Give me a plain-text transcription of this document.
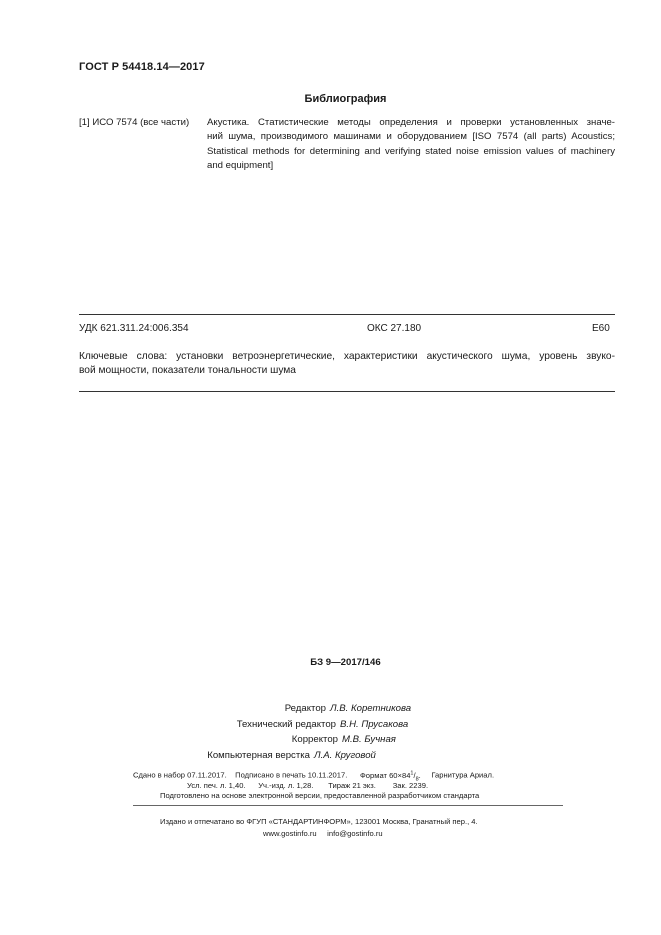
ГОСТ Р 54418.14—2017
Библиография
[1] ИСО 7574 (все части) Акустика. Статистические методы определения и проверки установленных значе-
ний шума, производимого машинами и оборудованием [ISO 7574 (all parts) Acoustics;
Statistical methods for determining and verifying stated noise emission values of machinery
and equipment]
УДК 621.311.24:006.354	ОКС 27.180	Е60
Ключевые слова: установки ветроэнергетические, характеристики акустического шума, уровень звуко-
вой мощности, показатели тональности шума
БЗ 9—2017/146
Редактор Л.В. Коретникова
Технический редактор В.Н. Прусакова
Корректор М.В. Бучная
Компьютерная верстка Л.А. Круговой
Сдано в набор 07.11.2017. Подписано в печать 10.11.2017. Формат $60\times 84^1/_8$. Гарнитура Ариал.
Усл. печ. л. 1,40. Уч.-изд. л. 1,28. Тираж 21 экз. Зак. 2239.
Подготовлено на основе электронной версии, предоставленной разработчиком стандарта
Издано и отпечатано во ФГУП «СТАНДАРТИНФОРМ», 123001 Москва, Гранатный пер., 4.
www.gostinfo.ru info@gostinfo.ru
